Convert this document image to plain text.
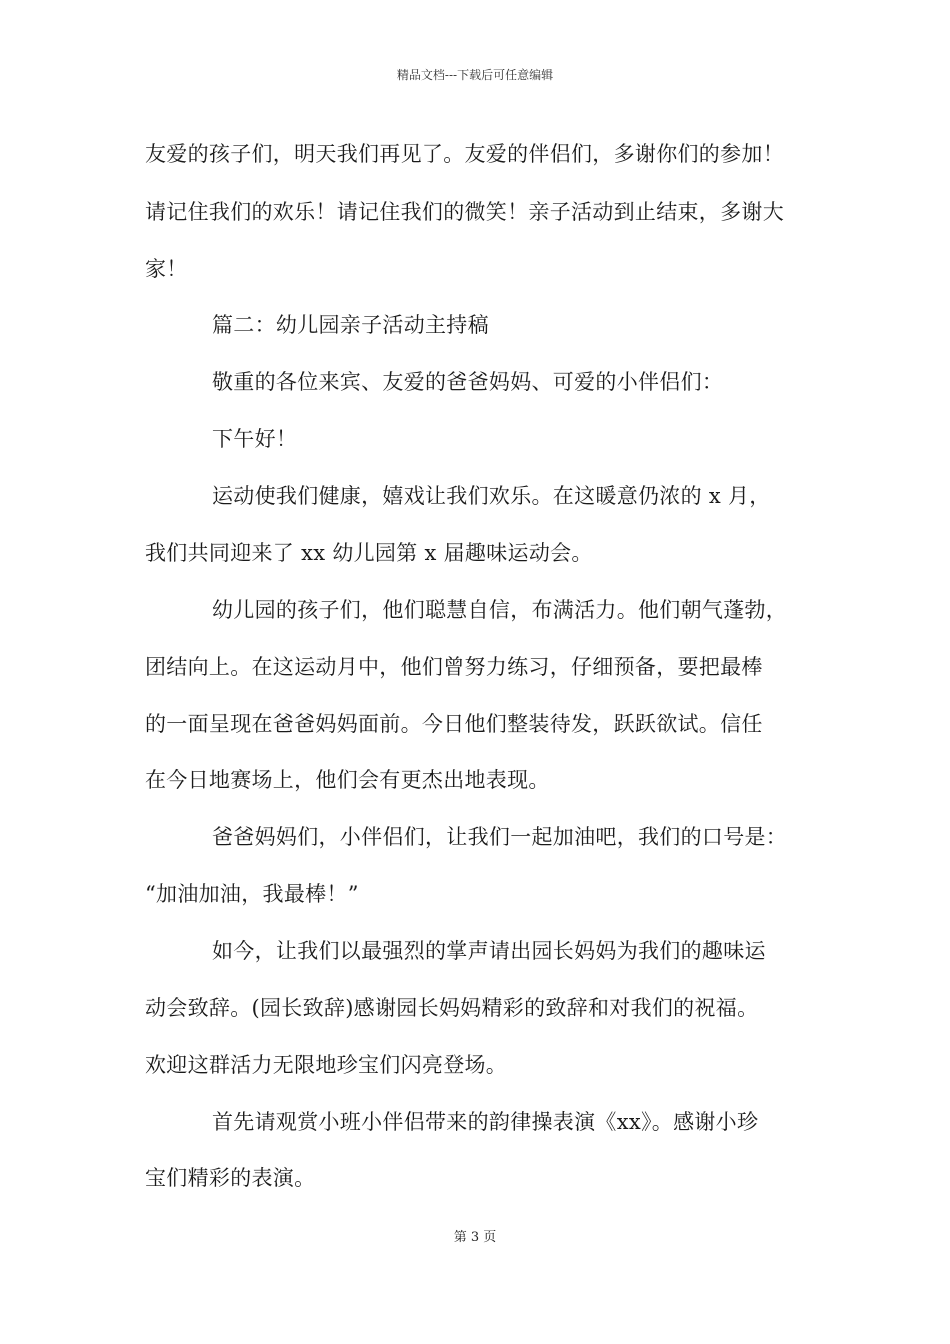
精品文档---下载后可任意编辑
友爱的孩子们，明天我们再见了。友爱的伴侣们，多谢你们的参加！
请记住我们的欢乐！请记住我们的微笑！亲子活动到止结束，多谢大
家！
篇二：幼儿园亲子活动主持稿
敬重的各位来宾、友爱的爸爸妈妈、可爱的小伴侣们：
下午好！
运动使我们健康，嬉戏让我们欢乐。在这暖意仍浓的 x 月，
我们共同迎来了 xx 幼儿园第 x 届趣味运动会。
幼儿园的孩子们，他们聪慧自信，布满活力。他们朝气蓬勃，
团结向上。在这运动月中，他们曾努力练习，仔细预备，要把最棒
的一面呈现在爸爸妈妈面前。今日他们整装待发，跃跃欲试。信任
在今日地赛场上，他们会有更杰出地表现。
爸爸妈妈们，小伴侣们，让我们一起加油吧，我们的口号是：
“加油加油，我最棒！”
如今，让我们以最强烈的掌声请出园长妈妈为我们的趣味运
动会致辞。(园长致辞)感谢园长妈妈精彩的致辞和对我们的祝福。
欢迎这群活力无限地珍宝们闪亮登场。
首先请观赏小班小伴侣带来的韵律操表演《xx》。感谢小珍
宝们精彩的表演。
第 3 页
